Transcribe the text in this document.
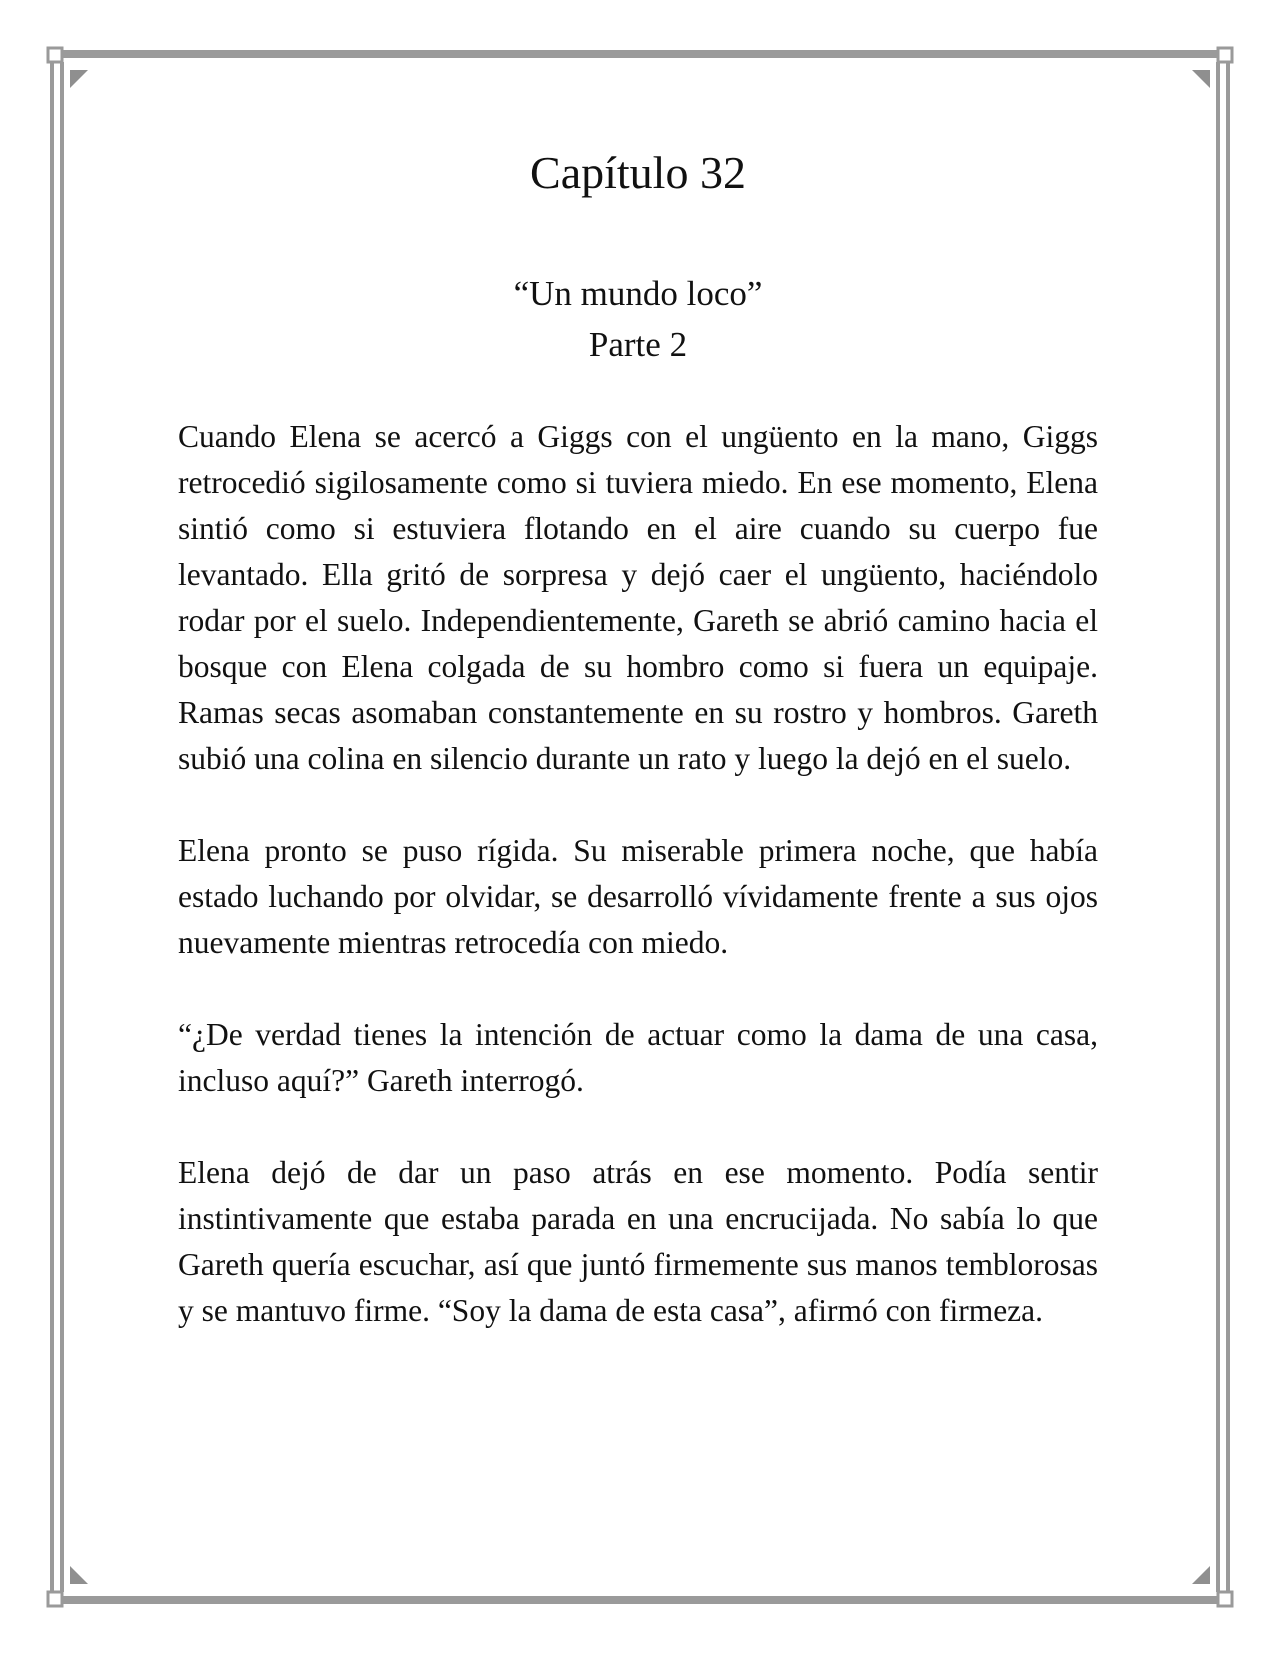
Capítulo 32
“Un mundo loco”
Parte 2

Cuando Elena se acercó a Giggs con el ungüento en la mano, Giggs retrocedió sigilosamente como si tuviera miedo. En ese momento, Elena sintió como si estuviera flotando en el aire cuando su cuerpo fue levantado. Ella gritó de sorpresa y dejó caer el ungüento, haciéndolo rodar por el suelo. Independientemente, Gareth se abrió camino hacia el bosque con Elena colgada de su hombro como si fuera un equipaje. Ramas secas asomaban constantemente en su rostro y hombros. Gareth subió una colina en silencio durante un rato y luego la dejó en el suelo.

Elena pronto se puso rígida. Su miserable primera noche, que había estado luchando por olvidar, se desarrolló vívidamente frente a sus ojos nuevamente mientras retrocedía con miedo.

“¿De verdad tienes la intención de actuar como la dama de una casa, incluso aquí?” Gareth interrogó.

Elena dejó de dar un paso atrás en ese momento. Podía sentir instintivamente que estaba parada en una encrucijada. No sabía lo que Gareth quería escuchar, así que juntó firmemente sus manos temblorosas y se mantuvo firme. “Soy la dama de esta casa”, afirmó con firmeza.
